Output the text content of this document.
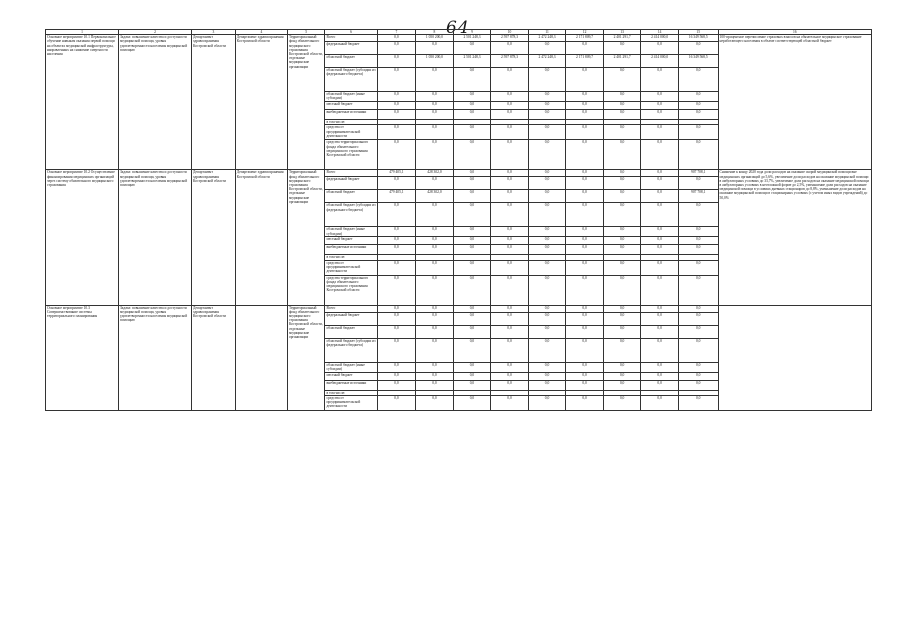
64
1	2	3	4	5	6	7	8	9	10	11	12	13	14	15	16
Основное мероприятие 10.1 Первоначальное обучение навыкам оказания первой помощи на объектах медицинской инфраструктуры, направленных на снижение смертности населения	Задача: повышение качества и доступности медицинской помощи, уровня удовлетворенности населения медицинской помощью	Департамент здравоохранения Костромской области	Департамент здравоохранения Костромской области	Территориальный фонд обязательного медицинского страхования Костромской области, отдельные медицинские организации	Всего	0,0	1 050 200,0	2 501 248,3	2 597 878,3	2 472 248,3	2 171 809,7	2 401 291,7	2 414 000,0	16 349 568,5	100-процентное перечисление страховых взносов на обязательное медицинское страхование неработающего населения в объеме соответствующей областной бюджет
					федеральный бюджет	0,0	0,0	0,0	0,0	0,0	0,0	0,0	0,0	0,0	
					областной бюджет	0,0	1 050 200,0	2 501 248,3	2 597 878,3	2 472 248,3	2 171 809,7	2 401 291,7	2 414 000,0	16 349 568,5	
					областной бюджет (субсидии из федерального бюджета)	0,0	0,0	0,0	0,0	0,0	0,0	0,0	0,0	0,0	
					областной бюджет (иные субсидии)	0,0	0,0	0,0	0,0	0,0	0,0	0,0	0,0	0,0	
					местный бюджет	0,0	0,0	0,0	0,0	0,0	0,0	0,0	0,0	0,0	
					внебюджетные источники	0,0	0,0	0,0	0,0	0,0	0,0	0,0	0,0	0,0	
					в том числе:										
					средства от предпринимательской деятельности	0,0	0,0	0,0	0,0	0,0	0,0	0,0	0,0	0,0	
					средства территориального фонда обязательного медицинского страхования Костромской области	0,0	0,0	0,0	0,0	0,0	0,0	0,0	0,0	0,0	
Основное мероприятие 10.2 Осуществление финансирования медицинских организаций через систему обязательного медицинского страхования	Задача: повышение качества и доступности медицинской помощи, уровня удовлетворенности населения медицинской помощью	Департамент здравоохранения Костромской области	Департамент здравоохранения Костромской области	Территориальный фонд обязательного медицинского страхования Костромской области, отдельные медицинские организации	Всего	479 405,1	428 302,0	0,0	0,0	0,0	0,0	0,0	0,0	907 708,1	Снижение к концу 2020 года доли расходов на оказание скорой медицинской помощи вне медицинских организаций до 5,6%, увеличение доли расходов на оказание медицинской помощи в амбулаторных условиях до 33,7%, увеличение доли расходов на оказание медицинской помощи в амбулаторных условиях в неотложной форме до 2,5%, уменьшение доли расходов на оказание медицинской помощи в условиях дневных стационаров до 8,8%, уменьшение доли расходов на оказание медицинской помощи в стационарных условиях (с учетом иных видов учреждений) до 50,0%
					федеральный бюджет	0,0	0,0	0,0	0,0	0,0	0,0	0,0	0,0	0,0	
					областной бюджет	479 405,1	428 302,0	0,0	0,0	0,0	0,0	0,0	0,0	907 708,1	
					областной бюджет (субсидии из федерального бюджета)	0,0	0,0	0,0	0,0	0,0	0,0	0,0	0,0	0,0	
					областной бюджет (иные субсидии)	0,0	0,0	0,0	0,0	0,0	0,0	0,0	0,0	0,0	
					местный бюджет	0,0	0,0	0,0	0,0	0,0	0,0	0,0	0,0	0,0	
					внебюджетные источники	0,0	0,0	0,0	0,0	0,0	0,0	0,0	0,0	0,0	
					в том числе:										
					средства от предпринимательской деятельности	0,0	0,0	0,0	0,0	0,0	0,0	0,0	0,0	0,0	
					средства территориального фонда обязательного медицинского страхования Костромской области	0,0	0,0	0,0	0,0	0,0	0,0	0,0	0,0	0,0	
Основное мероприятие 10.3 Совершенствование системы территориального планирования	Задача: повышение качества и доступности медицинской помощи, уровня удовлетворенности населения медицинской помощью	Департамент здравоохранения Костромской области		Территориальный фонд обязательного медицинского страхования Костромской области, отдельные медицинские организации	Всего	0,0	0,0	0,0	0,0	0,0	0,0	0,0	0,0	0,0	
					федеральный бюджет	0,0	0,0	0,0	0,0	0,0	0,0	0,0	0,0	0,0	
					областной бюджет	0,0	0,0	0,0	0,0	0,0	0,0	0,0	0,0	0,0	
					областной бюджет (субсидии из федерального бюджета)	0,0	0,0	0,0	0,0	0,0	0,0	0,0	0,0	0,0	
					областной бюджет (иные субсидии)	0,0	0,0	0,0	0,0	0,0	0,0	0,0	0,0	0,0	
					местный бюджет	0,0	0,0	0,0	0,0	0,0	0,0	0,0	0,0	0,0	
					внебюджетные источники	0,0	0,0	0,0	0,0	0,0	0,0	0,0	0,0	0,0	
					в том числе:										
					средства от предпринимательской деятельности	0,0	0,0	0,0	0,0	0,0	0,0	0,0	0,0	0,0	
